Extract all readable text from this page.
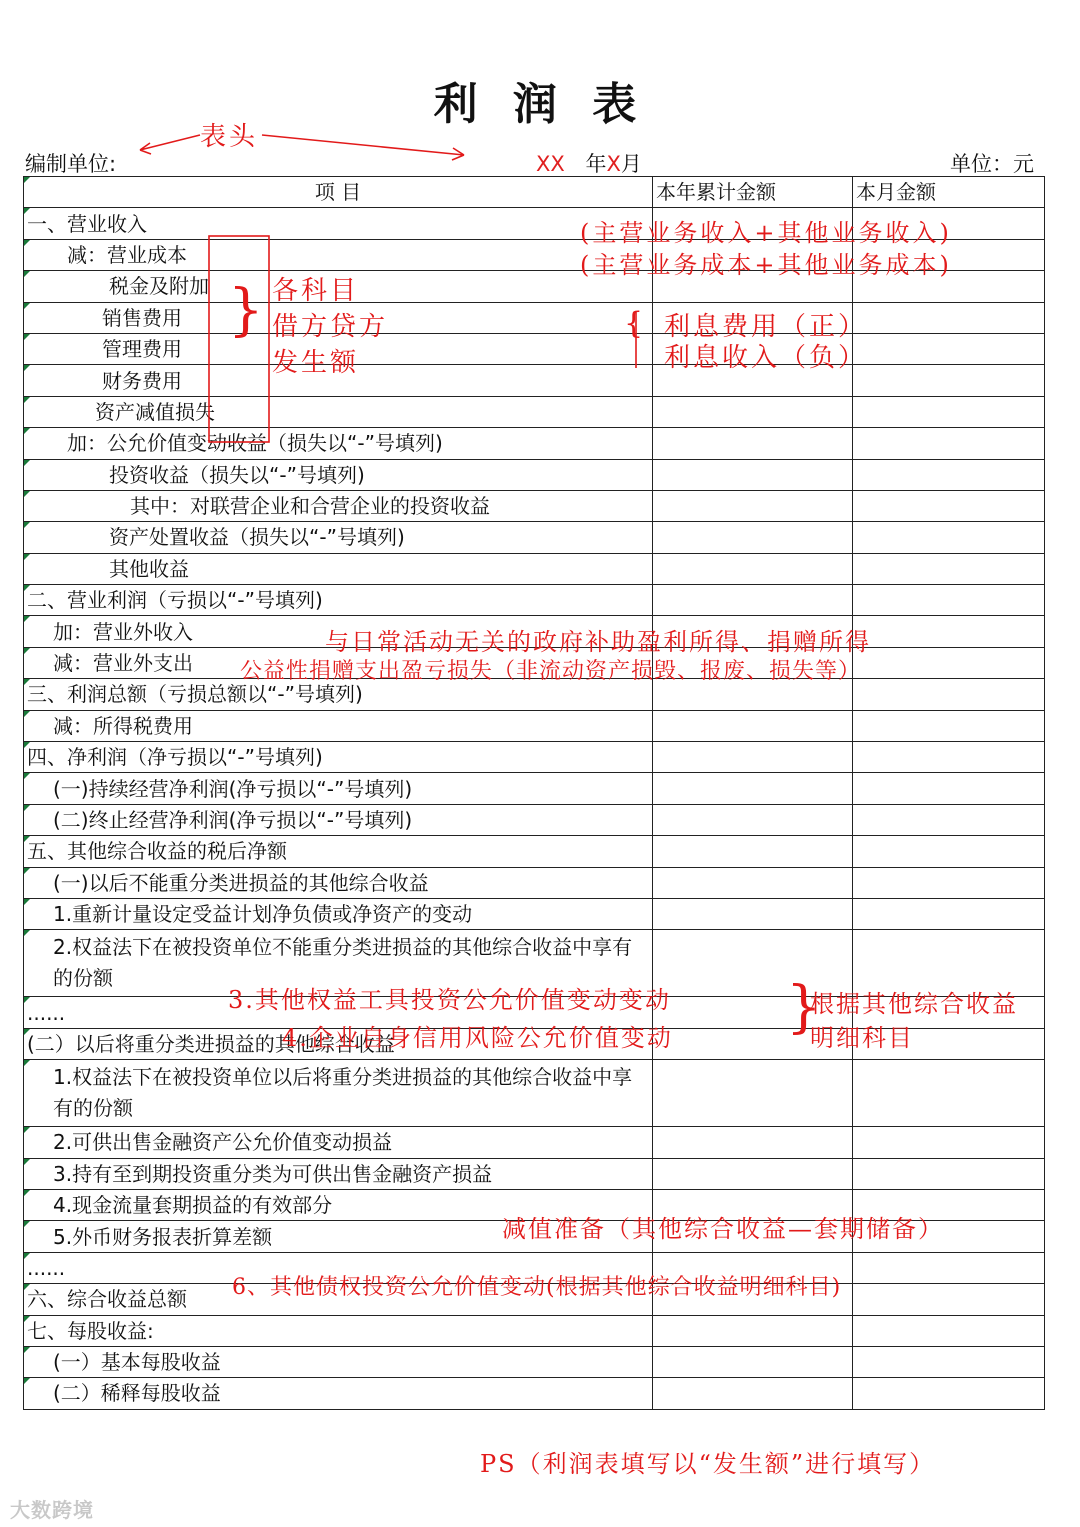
利 润 表
编制单位:	XX 年X月	单位：元
项 目	本年累计金额	本月金额
一、营业收入		
减：营业成本		
税金及附加		
销售费用		
管理费用		
财务费用		
资产减值损失		
加：公允价值变动收益（损失以“-”号填列)		
投资收益（损失以“-”号填列)		
其中：对联营企业和合营企业的投资收益		
资产处置收益（损失以“-”号填列)		
其他收益		
二、营业利润（亏损以“-”号填列)		
加：营业外收入		
减：营业外支出		
三、利润总额（亏损总额以“-”号填列)		
减：所得税费用		
四、净利润（净亏损以“-”号填列)		
(一)持续经营净利润(净亏损以“-”号填列)		
(二)终止经营净利润(净亏损以“-”号填列)		
五、其他综合收益的税后净额		
(一)以后不能重分类进损益的其他综合收益		
1.重新计量设定受益计划净负债或净资产的变动		
2.权益法下在被投资单位不能重分类进损益的其他综合收益中享有的份额		
......		
(二）以后将重分类进损益的其他综合收益		
1.权益法下在被投资单位以后将重分类进损益的其他综合收益中享有的份额		
2.可供出售金融资产公允价值变动损益		
3.持有至到期投资重分类为可供出售金融资产损益		
4.现金流量套期损益的有效部分		
5.外币财务报表折算差额		
......		
六、综合收益总额		
七、每股收益:		
(一）基本每股收益		
(二）稀释每股收益		
表头
(主营业务收入+其他业务收入)
(主营业务成本+其他业务成本)
} 各科目
借方贷方
发生额
{ 利息费用（正）
利息收入（负）
与日常活动无关的政府补助盈利所得、捐赠所得
公益性捐赠支出盈亏损失（非流动资产损毁、报废、损失等）
3.其他权益工具投资公允价值变动变动
4.企业自身信用风险公允价值变动 }
根据其他综合收益
明细科目
减值准备（其他综合收益—套期储备）
6、其他债权投资公允价值变动(根据其他综合收益明细科目)
PS（利润表填写以“发生额”进行填写）
大数跨境
